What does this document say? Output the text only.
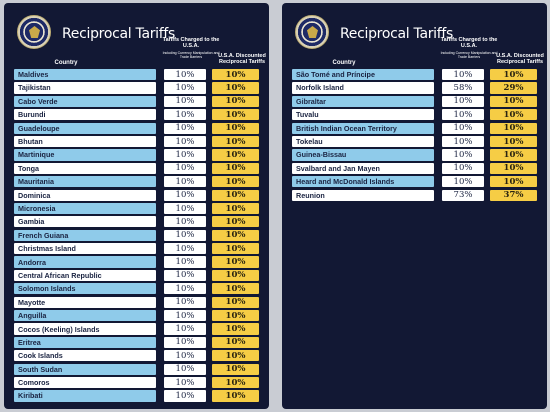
Reciprocal Tariffs
Country
Tariffs Charged to the U.S.A.
Including Currency Manipulation and Trade Barriers	U.S.A. Discounted Reciprocal Tariffs
Maldives	10%	10%
Tajikistan	10%	10%
Cabo Verde	10%	10%
Burundi	10%	10%
Guadeloupe	10%	10%
Bhutan	10%	10%
Martinique	10%	10%
Tonga	10%	10%
Mauritania	10%	10%
Dominica	10%	10%
Micronesia	10%	10%
Gambia	10%	10%
French Guiana	10%	10%
Christmas Island	10%	10%
Andorra	10%	10%
Central African Republic	10%	10%
Solomon Islands	10%	10%
Mayotte	10%	10%
Anguilla	10%	10%
Cocos (Keeling) Islands	10%	10%
Eritrea	10%	10%
Cook Islands	10%	10%
South Sudan	10%	10%
Comoros	10%	10%
Kiribati	10%	10%
Reciprocal Tariffs
Country
Tariffs Charged to the U.S.A.
Including Currency Manipulation and Trade Barriers	U.S.A. Discounted Reciprocal Tariffs
São Tomé and Príncipe	10%	10%
Norfolk Island	58%	29%
Gibraltar	10%	10%
Tuvalu	10%	10%
British Indian Ocean Territory	10%	10%
Tokelau	10%	10%
Guinea-Bissau	10%	10%
Svalbard and Jan Mayen	10%	10%
Heard and McDonald Islands	10%	10%
Reunion	73%	37%
